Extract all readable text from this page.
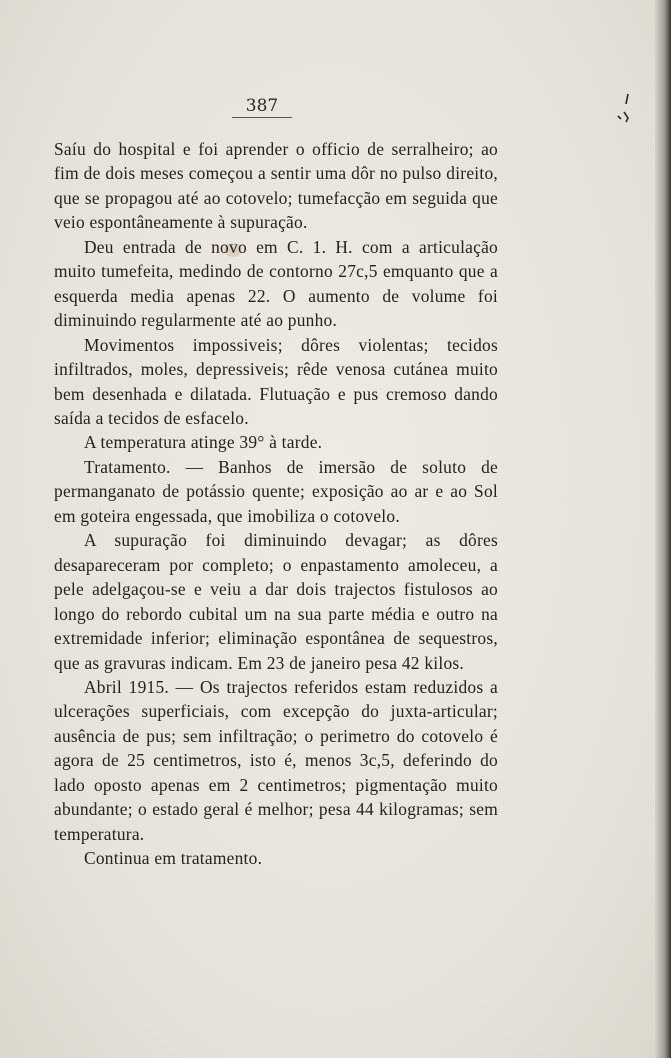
387

Saíu do hospital e foi aprender o officio de serralheiro; ao fim de dois meses começou a sentir uma dôr no pulso direito, que se propagou até ao cotovelo; tumefacção em seguida que veio espontâneamente à supuração.

Deu entrada de novo em C. 1. H. com a articulação muito tumefeita, medindo de contorno 27c,5 emquanto que a esquerda media apenas 22. O aumento de volume foi diminuindo regularmente até ao punho.

Movimentos impossiveis; dôres violentas; tecidos infiltrados, moles, depressiveis; rêde venosa cutánea muito bem desenhada e dilatada. Flutuação e pus cremoso dando saída a tecidos de esfacelo.

A temperatura atinge 39° à tarde.

Tratamento. — Banhos de imersão de soluto de permanganato de potássio quente; exposição ao ar e ao Sol em goteira engessada, que imobiliza o cotovelo.

A supuração foi diminuindo devagar; as dôres desapareceram por completo; o enpastamento amoleceu, a pele adelgaçou-se e veiu a dar dois trajectos fistulosos ao longo do rebordo cubital um na sua parte média e outro na extremidade inferior; eliminação espontânea de sequestros, que as gravuras indicam. Em 23 de janeiro pesa 42 kilos.

Abril 1915. — Os trajectos referidos estam reduzidos a ulcerações superficiais, com excepção do juxta-articular; ausência de pus; sem infiltração; o perimetro do cotovelo é agora de 25 centimetros, isto é, menos 3c,5, deferindo do lado oposto apenas em 2 centimetros; pigmentação muito abundante; o estado geral é melhor; pesa 44 kilogramas; sem temperatura.

Continua em tratamento.
